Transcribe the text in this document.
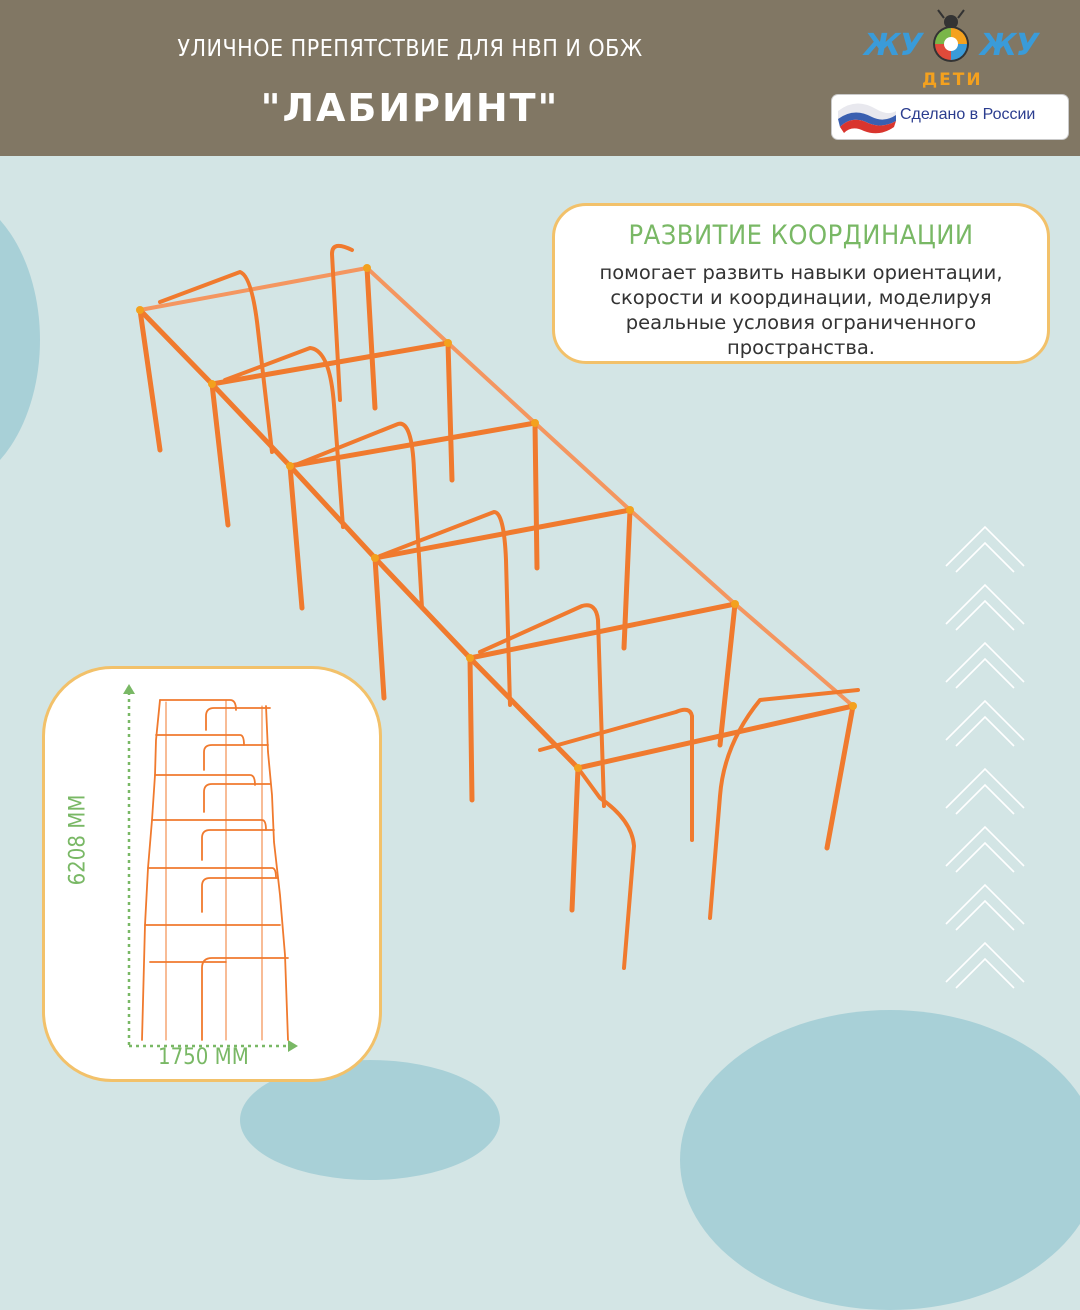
УЛИЧНОЕ ПРЕПЯТСТВИЕ ДЛЯ НВП И ОБЖ
"ЛАБИРИНТ"
ЖУ ЖУ
ДЕТИ
Сделано в России
РАЗВИТИЕ КООРДИНАЦИИ
помогает развить навыки ориентации, скорости и координации, моделируя реальные условия ограниченного пространства.
6208 ММ
1750 ММ
